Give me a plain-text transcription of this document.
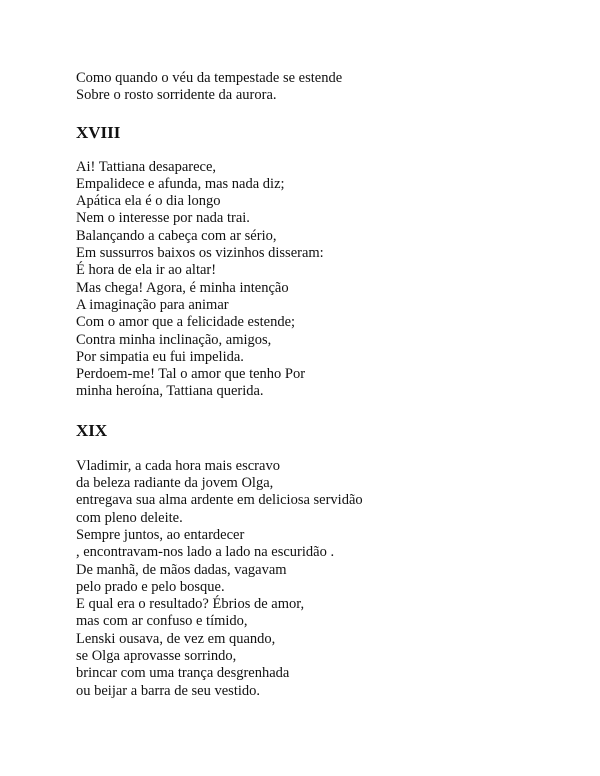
Como quando o véu da tempestade se estende
Sobre o rosto sorridente da aurora.
XVIII
Ai! Tattiana desaparece,
Empalidece e afunda, mas nada diz;
Apática ela é o dia longo
Nem o interesse por nada trai.
Balançando a cabeça com ar sério,
Em sussurros baixos os vizinhos disseram:
É hora de ela ir ao altar!
Mas chega! Agora, é minha intenção
A imaginação para animar
Com o amor que a felicidade estende;
Contra minha inclinação, amigos,
Por simpatia eu fui impelida.
Perdoem-me! Tal o amor que tenho Por
minha heroína, Tattiana querida.
XIX
Vladimir, a cada hora mais escravo
da beleza radiante da jovem Olga,
entregava sua alma ardente em deliciosa servidão
com pleno deleite.
Sempre juntos, ao entardecer
, encontravam-nos lado a lado na escuridão .
De manhã, de mãos dadas, vagavam
pelo prado e pelo bosque.
E qual era o resultado? Ébrios de amor,
mas com ar confuso e tímido,
Lenski ousava, de vez em quando,
se Olga aprovasse sorrindo,
brincar com uma trança desgrenhada
ou beijar a barra de seu vestido.
